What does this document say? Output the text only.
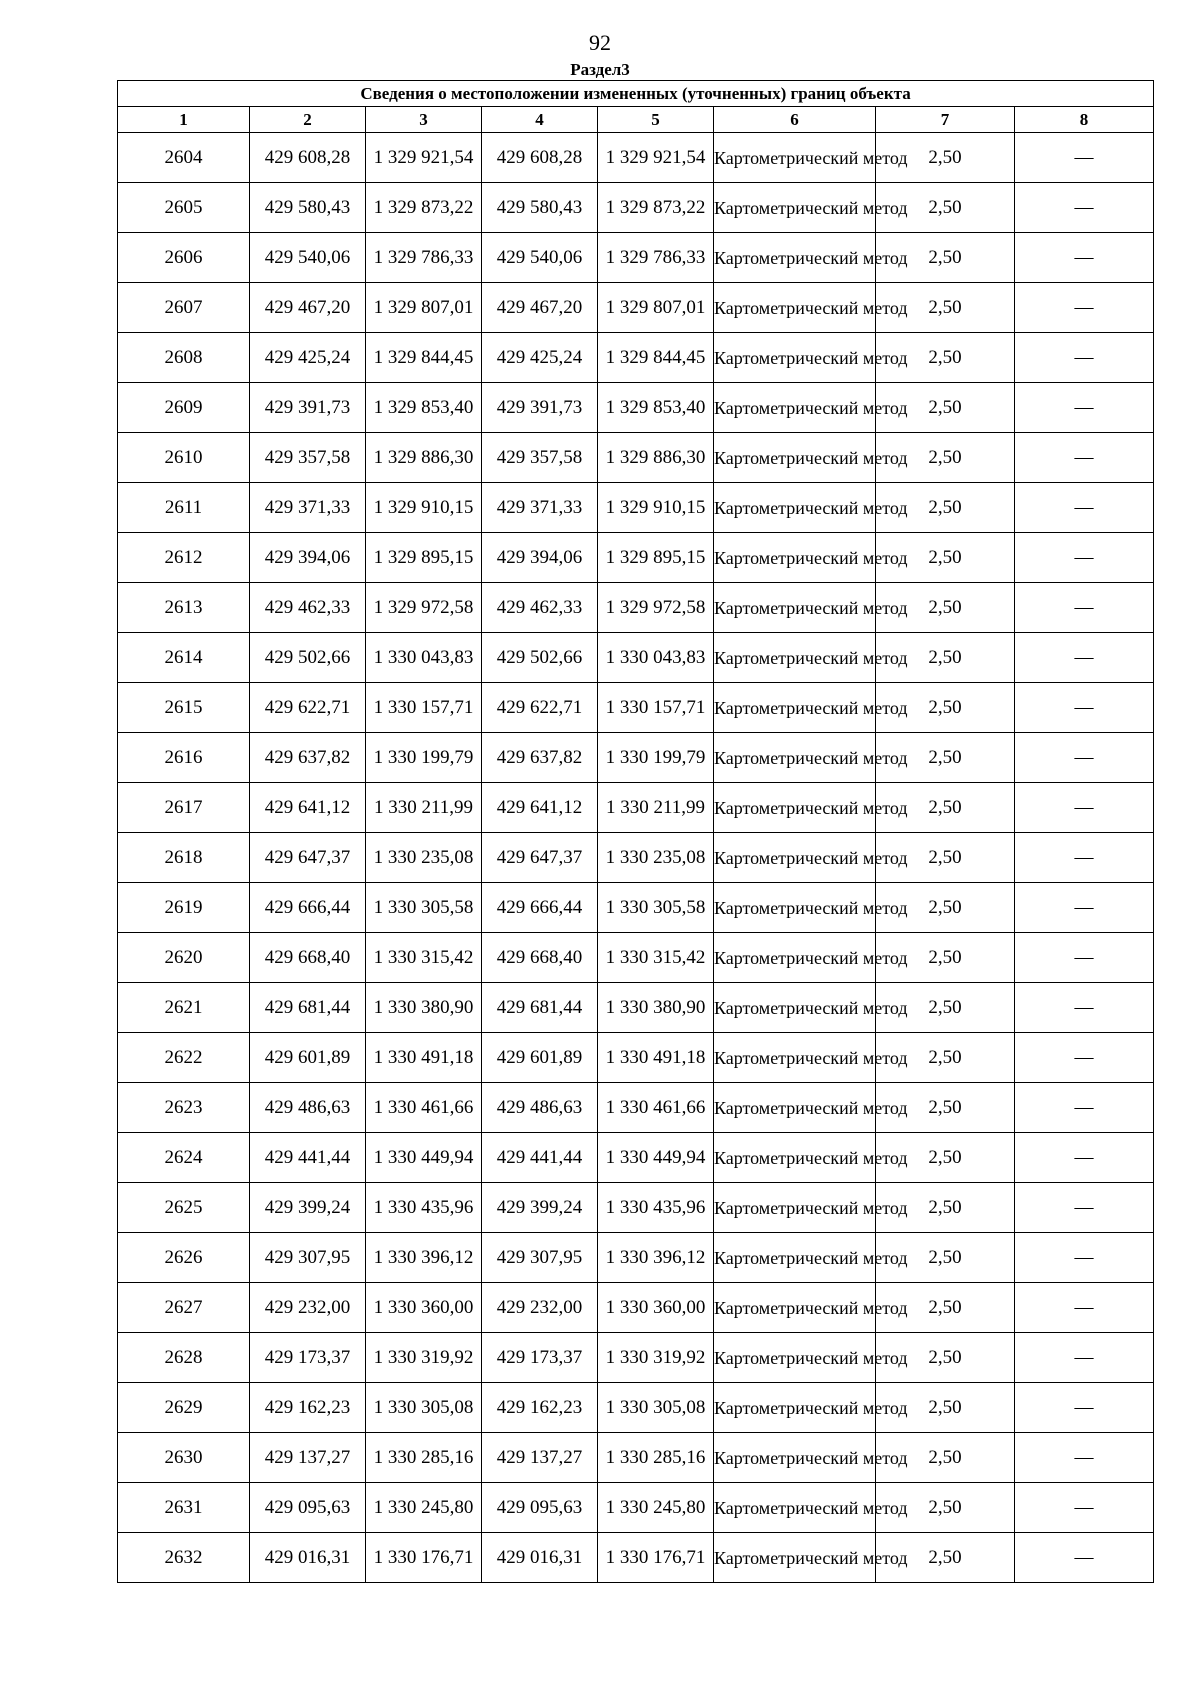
92
Раздел3
Сведения о местоположении измененных (уточненных) границ объекта							
1	2	3	4	5	6	7	8
2604	429 608,28	1 329 921,54	429 608,28	1 329 921,54	Картометрический метод	2,50	—
2605	429 580,43	1 329 873,22	429 580,43	1 329 873,22	Картометрический метод	2,50	—
2606	429 540,06	1 329 786,33	429 540,06	1 329 786,33	Картометрический метод	2,50	—
2607	429 467,20	1 329 807,01	429 467,20	1 329 807,01	Картометрический метод	2,50	—
2608	429 425,24	1 329 844,45	429 425,24	1 329 844,45	Картометрический метод	2,50	—
2609	429 391,73	1 329 853,40	429 391,73	1 329 853,40	Картометрический метод	2,50	—
2610	429 357,58	1 329 886,30	429 357,58	1 329 886,30	Картометрический метод	2,50	—
2611	429 371,33	1 329 910,15	429 371,33	1 329 910,15	Картометрический метод	2,50	—
2612	429 394,06	1 329 895,15	429 394,06	1 329 895,15	Картометрический метод	2,50	—
2613	429 462,33	1 329 972,58	429 462,33	1 329 972,58	Картометрический метод	2,50	—
2614	429 502,66	1 330 043,83	429 502,66	1 330 043,83	Картометрический метод	2,50	—
2615	429 622,71	1 330 157,71	429 622,71	1 330 157,71	Картометрический метод	2,50	—
2616	429 637,82	1 330 199,79	429 637,82	1 330 199,79	Картометрический метод	2,50	—
2617	429 641,12	1 330 211,99	429 641,12	1 330 211,99	Картометрический метод	2,50	—
2618	429 647,37	1 330 235,08	429 647,37	1 330 235,08	Картометрический метод	2,50	—
2619	429 666,44	1 330 305,58	429 666,44	1 330 305,58	Картометрический метод	2,50	—
2620	429 668,40	1 330 315,42	429 668,40	1 330 315,42	Картометрический метод	2,50	—
2621	429 681,44	1 330 380,90	429 681,44	1 330 380,90	Картометрический метод	2,50	—
2622	429 601,89	1 330 491,18	429 601,89	1 330 491,18	Картометрический метод	2,50	—
2623	429 486,63	1 330 461,66	429 486,63	1 330 461,66	Картометрический метод	2,50	—
2624	429 441,44	1 330 449,94	429 441,44	1 330 449,94	Картометрический метод	2,50	—
2625	429 399,24	1 330 435,96	429 399,24	1 330 435,96	Картометрический метод	2,50	—
2626	429 307,95	1 330 396,12	429 307,95	1 330 396,12	Картометрический метод	2,50	—
2627	429 232,00	1 330 360,00	429 232,00	1 330 360,00	Картометрический метод	2,50	—
2628	429 173,37	1 330 319,92	429 173,37	1 330 319,92	Картометрический метод	2,50	—
2629	429 162,23	1 330 305,08	429 162,23	1 330 305,08	Картометрический метод	2,50	—
2630	429 137,27	1 330 285,16	429 137,27	1 330 285,16	Картометрический метод	2,50	—
2631	429 095,63	1 330 245,80	429 095,63	1 330 245,80	Картометрический метод	2,50	—
2632	429 016,31	1 330 176,71	429 016,31	1 330 176,71	Картометрический метод	2,50	—
